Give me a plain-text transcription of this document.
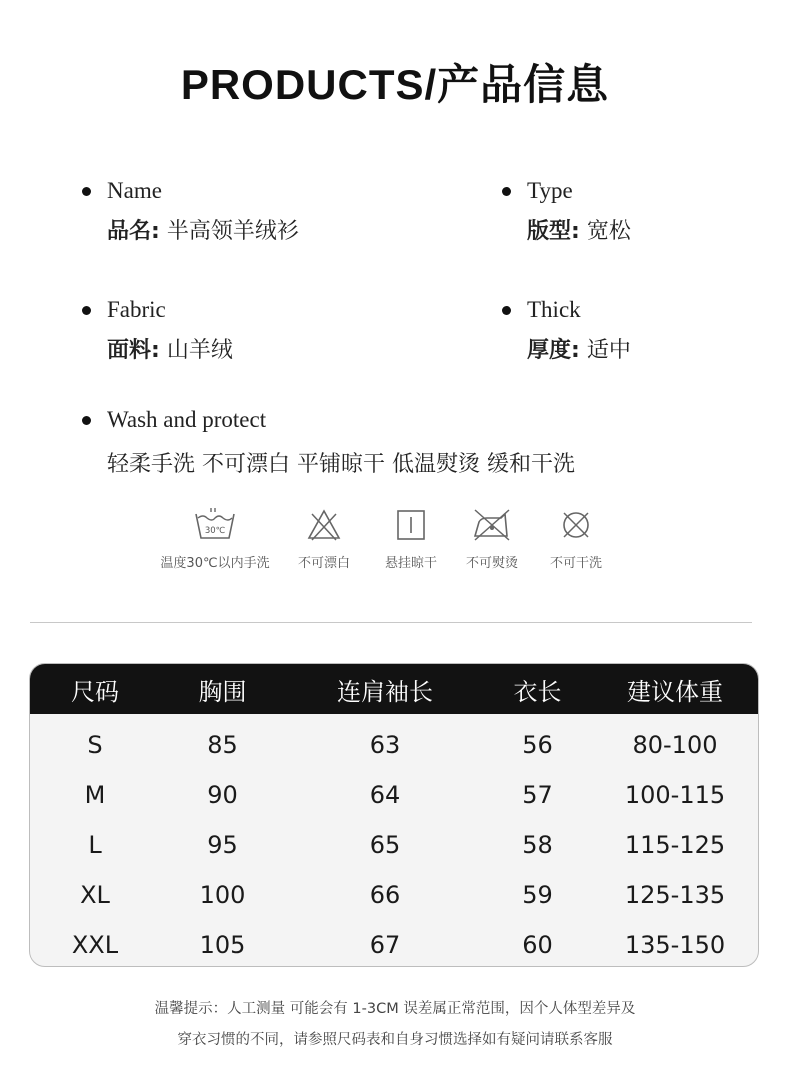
PRODUCTS/产品信息
Name
品名: 半高领羊绒衫
Type
版型: 宽松
Fabric
面料: 山羊绒
Thick
厚度: 适中
Wash and protect
轻柔手洗 不可漂白 平铺晾干 低温熨烫 缓和干洗
30℃
温度30℃以内手洗	不可漂白	悬挂晾干	不可熨烫	不可干洗
尺码	胸围	连肩袖长	衣长	建议体重
S	85	63	56	80-100
M	90	64	57	100-115
L	95	65	58	115-125
XL	100	66	59	125-135
XXL	105	67	60	135-150
温馨提示：人工测量 可能会有 1-3CM 误差属正常范围，因个人体型差异及
穿衣习惯的不同，请参照尺码表和自身习惯选择如有疑问请联系客服
